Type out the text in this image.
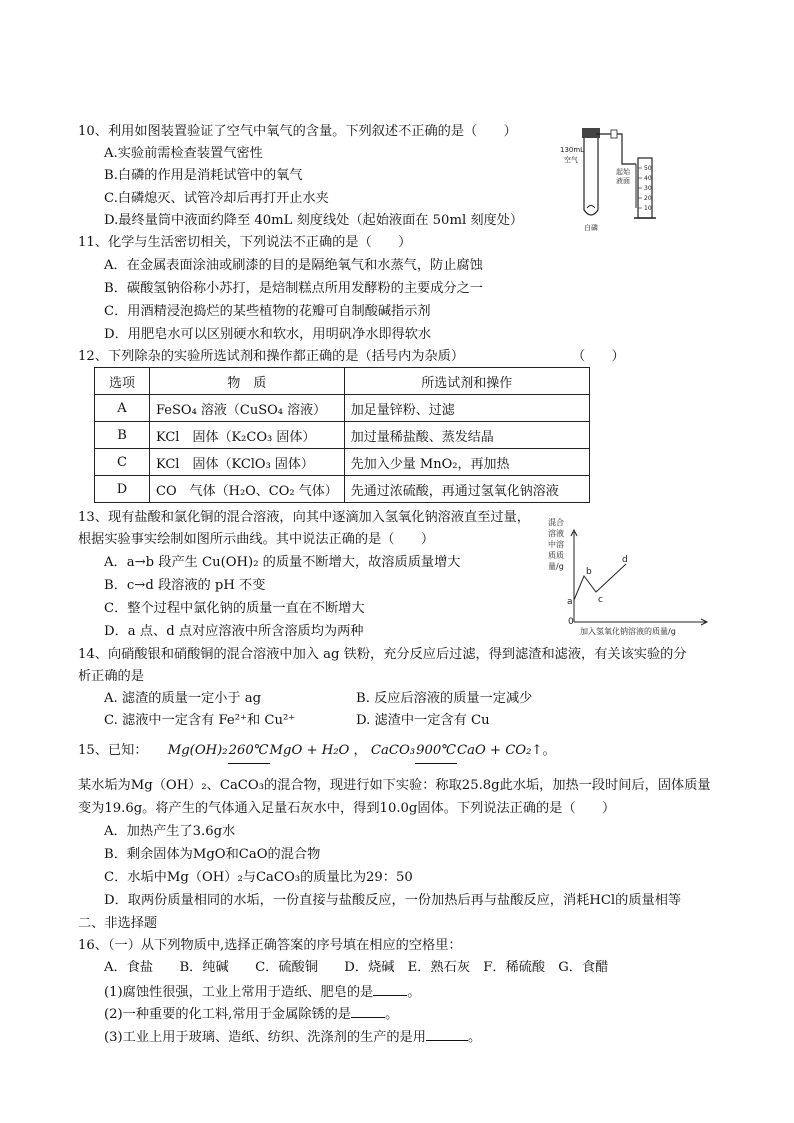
10、利用如图装置验证了空气中氧气的含量。下列叙述不正确的是（　　）
A.实验前需检查装置气密性
B.白磷的作用是消耗试管中的氧气
C.白磷熄灭、试管冷却后再打开止水夹
D.最终量筒中液面约降至 40mL 刻度线处（起始液面在 50ml 刻度处）
50
40
30
20
10
130mL
空气
起始
液面
白磷
11、化学与生活密切相关，下列说法不正确的是（　　）
A．在金属表面涂油或刷漆的目的是隔绝氧气和水蒸气，防止腐蚀
B．碳酸氢钠俗称小苏打，是焙制糕点所用发酵粉的主要成分之一
C．用酒精浸泡捣烂的某些植物的花瓣可自制酸碱指示剂
D．用肥皂水可以区别硬水和软水，用明矾净水即得软水
12、下列除杂的实验所选试剂和操作都正确的是（括号内为杂质）	（　　）
选项	物　质	所选试剂和操作
A	FeSO₄ 溶液（CuSO₄ 溶液）	加足量锌粉、过滤
B	KCl　固体（K₂CO₃ 固体）	加过量稀盐酸、蒸发结晶
C	KCl　固体（KClO₃ 固体）	先加入少量 MnO₂，再加热
D	CO　气体（H₂O、CO₂ 气体）	先通过浓硫酸，再通过氢氧化钠溶液
13、现有盐酸和氯化铜的混合溶液，向其中逐滴加入氢氧化钠溶液直至过量，
根据实验事实绘制如图所示曲线。其中说法正确的是（　　）
A．a→b 段产生 Cu(OH)₂ 的质量不断增大，故溶质质量增大
B．c→d 段溶液的 pH 不变
C．整个过程中氯化钠的质量一直在不断增大
D．a 点、d 点对应溶液中所含溶质均为两种
混合
溶液
中溶
质质
量/g
0
a
b
c
d
加入氢氧化钠溶液的质量/g
14、向硝酸银和硝酸铜的混合溶液中加入 ag 铁粉，充分反应后过滤，得到滤渣和滤液，有关该实验的分
析正确的是
A. 滤渣的质量一定小于 ag	B. 反应后溶液的质量一定减少
C. 滤液中一定含有 Fe²⁺和 Cu²⁺	D. 滤渣中一定含有 Cu
15、已知： Mg(OH)₂260℃MgO + H₂O ， CaCO₃900℃CaO + CO₂↑。
某水垢为Mg（OH）₂、CaCO₃的混合物，现进行如下实验：称取25.8g此水垢，加热一段时间后，固体质量
变为19.6g。将产生的气体通入足量石灰水中，得到10.0g固体。下列说法正确的是（　　）
A．加热产生了3.6g水
B．剩余固体为MgO和CaO的混合物
C．水垢中Mg（OH）₂与CaCO₃的质量比为29：50
D．取两份质量相同的水垢，一份直接与盐酸反应，一份加热后再与盐酸反应，消耗HCl的质量相等
二、非选择题
16、（一）从下列物质中,选择正确答案的序号填在相应的空格里：
A．食盐　　B．纯碱　　C．硫酸铜　　D．烧碱　E．熟石灰　F．稀硫酸　G．食醋
(1)腐蚀性很强，工业上常用于造纸、肥皂的是	。
(2)一种重要的化工料,常用于金属除锈的是	。
(3)工业上用于玻璃、造纸、纺织、洗涤剂的生产的是用	。
